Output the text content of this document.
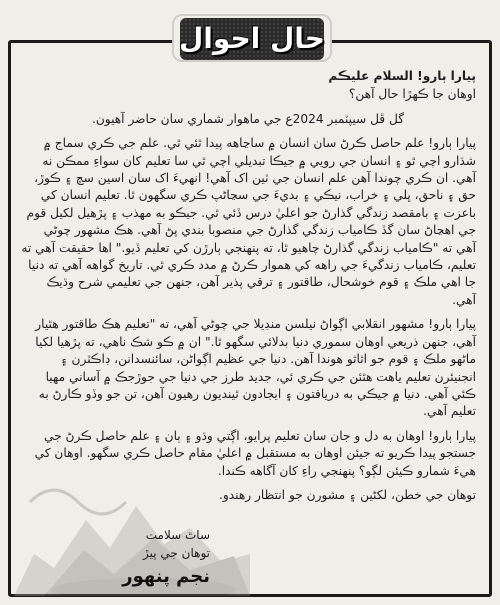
حال احوال

پيارا ٻارو! السلام عليڪم

اوهان جا ڪهڙا حال آهن؟

گل ڦل سيپٽمبر 2024ع جي ماهوار شماري سان حاضر آهيون.

پيارا ٻارو! علم حاصل ڪرڻ سان انسان ۾ ساڃاهه پيدا ٿئي ٿي. علم جي ڪري سماج ۾ شڌارو اچي ٿو ۽ انسان جي رويي ۾ جيڪا تبديلي اچي ٿي سا تعليم کان سواءِ ممڪن نه آهي. ان ڪري چوندا آهن علم انسان جي ٽين اک آهي! انهيءَ اک سان اسين سچ ۽ ڪوڙ، حق ۽ ناحق، ڀلي ۽ خراب، نيڪي ۽ بديءَ جي سڃاڻپ ڪري سگهون ٿا. تعليم انسان کي باعزت ۽ بامقصد زندگي گذارڻ جو اعليٰ درس ڏئي ٿي. جيڪو به مهذب ۽ پڙهيل لکيل قوم جي اهڃاڻ سان گڏ ڪامياب زندگي گذارڻ جي منصوبا بندي پڻ آهي. هڪ مشهور چوڻي آهي ته "ڪامياب زندگي گذارڻ چاهيو ٿا، ته پنهنجي ٻارڙن کي تعليم ڏيو." اها حقيقت آهي ته تعليم، ڪامياب زندگيءَ جي راهه کي هموار ڪرڻ ۾ مدد ڪري ٿي. تاريخ گواهه آهي ته دنيا جا اهي ملڪ ۽ قوم خوشحال، طاقتور ۽ ترقي پذير آهن، جنهن جي تعليمي شرح وڌيڪ آهي.

پيارا ٻارو! مشهور انقلابي اڳواڻ نيلسن منڊيلا جي چوڻي آهي، ته "تعليم هڪ طاقتور هٿيار آهي، جنهن ذريعي اوهان سموري دنيا بدلائي سگهو ٿا." ان ۾ ڪو شڪ ناهي، ته پڙهيا لکيا ماڻهو ملڪ ۽ قوم جو اثاثو هوندا آهن. دنيا جي عظيم اڳواڻن، سائنسدانن، ڊاڪٽرن ۽ انجنيئرن تعليم ياهت هٿئن جي ڪري ئي، جديد طرز جي دنيا جي جوڙجڪ ۾ آساني مهيا ڪئي آهي. دنيا ۾ جيڪي به دريافتون ۽ ايجادون ٿينديون رهيون آهن، تن جو وڏو ڪارڻ به تعليم آهي.

پيارا ٻارو! اوهان به دل و جان سان تعليم پرايو، اڳتي وڌو ۽ ٻان ۽ علم حاصل ڪرڻ جي جستجو پيدا ڪريو ته جيئن اوهان به مستقبل ۾ اعليٰ مقام حاصل ڪري سگهو. اوهان کي هيءَ شمارو ڪيئن لڳو؟ پنهنجي راءِ کان آگاهه ڪندا.

توهان جي خطن، لکڻين ۽ مشورن جو انتظار رهندو.

ساٿ سلامت
توهان جي پيڙ
نجم پنهور
